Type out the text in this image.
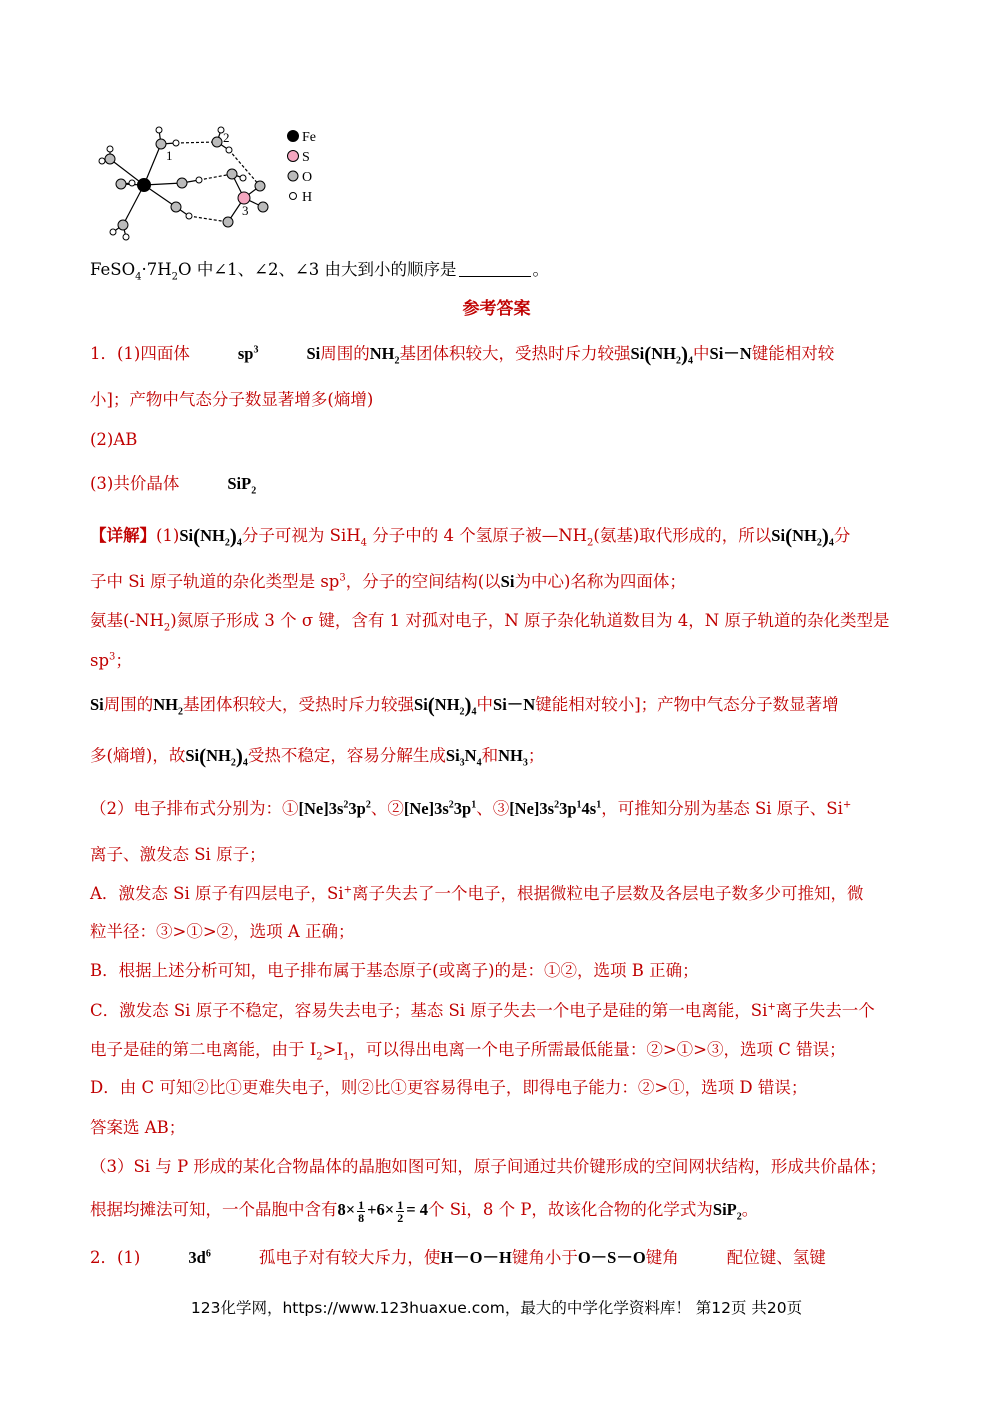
1
2
3
Fe
S
O
H
$FeSO_4\cdot 7H_2O$ 中∠1、∠2、∠3 由大到小的顺序是	。
参考答案
1．(1)四面体	$sp^3$	Si周围的$NH_2$基团体积较大，受热时斥力较强$Si(NH_2)_4$中Si－N键能相对较
小]；产物中气态分子数显著增多(熵增)
(2)AB
(3)共价晶体	SiP$_2$
【详解】$(1)Si(NH_2)_4$分子可视为 SiH$_4$ 分子中的 4 个氢原子被$—NH_2$(氨基)取代形成的，所以$Si(NH_2)_4$分
子中 Si 原子轨道的杂化类型是 $sp^3$，分子的空间结构(以Si为中心)名称为四面体；
氨基$(-NH_2)$氮原子形成 3 个 σ 键，含有 1 对孤对电子，N 原子杂化轨道数目为 4，N 原子轨道的杂化类型是
$sp^3$；
Si周围的$NH_2$基团体积较大，受热时斥力较强$Si(NH_2)_4$中Si－N键能相对较小]；产物中气态分子数显著增
多(熵增)，故$Si(NH_2)_4$受热不稳定，容易分解生成$Si_3N_4$和$NH_3$；
（2）电子排布式分别为：$①[Ne]3s^23p^2$、$②[Ne]3s^23p^1$、$③[Ne]3s^23p^14s^1$，可推知分别为基态 Si 原子、Si+
离子、激发态 Si 原子；
A．激发态 Si 原子有四层电子，Si+离子失去了一个电子，根据微粒电子层数及各层电子数多少可推知，微
粒半径：③>①>②，选项 A 正确；
B．根据上述分析可知，电子排布属于基态原子(或离子)的是：①②，选项 B 正确；
C．激发态 Si 原子不稳定，容易失去电子；基态 Si 原子失去一个电子是硅的第一电离能，Si+离子失去一个
电子是硅的第二电离能，由于 $I_2>I_1$，可以得出电离一个电子所需最低能量：②>①>③，选项 C 错误；
D．由 C 可知②比①更难失电子，则②比①更容易得电子，即得电子能力：②>①，选项 D 错误；
答案选 AB；
（3）Si 与 P 形成的某化合物晶体的晶胞如图可知，原子间通过共价键形成的空间网状结构，形成共价晶体；
根据均摊法可知，一个晶胞中含有$8\times \frac{1}{8} +6\times \frac{1}{2} = 4$个 Si，8 个 P，故该化合物的化学式为SiP$_2$。
2．(1)	$3d^6$	孤电子对有较大斥力，使H－O－H键角小于O－S－O键角	配位键、氢键
123化学网，https://www.123huaxue.com，最大的中学化学资料库！ 第12页 共20页
